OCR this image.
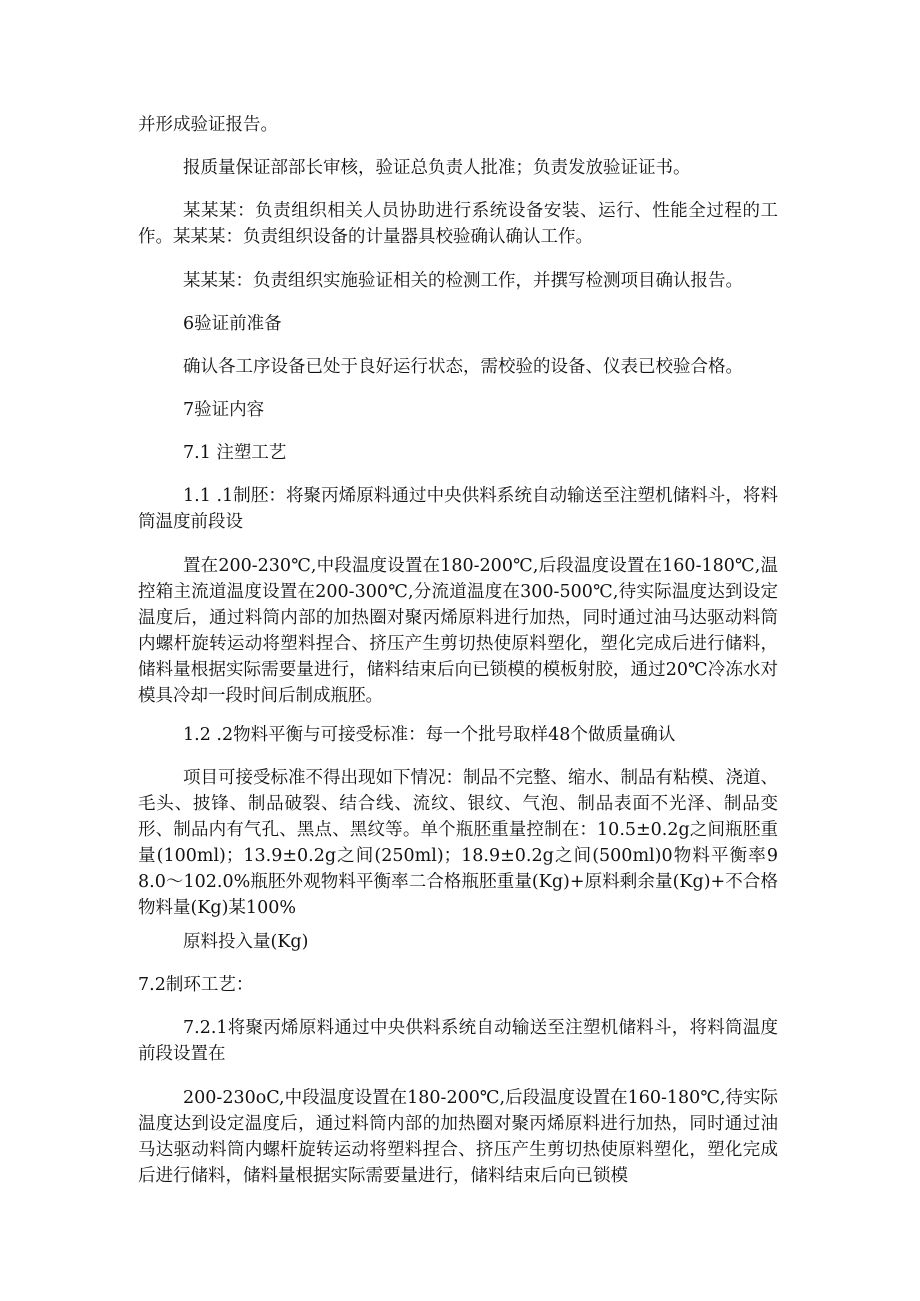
并形成验证报告。

报质量保证部部长审核，验证总负责人批准；负责发放验证证书。

某某某：负责组织相关人员协助进行系统设备安装、运行、性能全过程的工作。某某某：负责组织设备的计量器具校验确认确认工作。

某某某：负责组织实施验证相关的检测工作，并撰写检测项目确认报告。

6验证前准备

确认各工序设备已处于良好运行状态，需校验的设备、仪表已校验合格。

7验证内容

7.1 注塑工艺

1.1 .1制胚：将聚丙烯原料通过中央供料系统自动输送至注塑机储料斗，将料筒温度前段设

置在200-230℃,中段温度设置在180-200℃,后段温度设置在160-180℃,温控箱主流道温度设置在200-300℃,分流道温度在300-500℃,待实际温度达到设定温度后，通过料筒内部的加热圈对聚丙烯原料进行加热，同时通过油马达驱动料筒内螺杆旋转运动将塑料捏合、挤压产生剪切热使原料塑化，塑化完成后进行储料，储料量根据实际需要量进行，储料结束后向已锁模的模板射胶，通过20℃冷冻水对模具冷却一段时间后制成瓶胚。

1.2 .2物料平衡与可接受标准：每一个批号取样48个做质量确认

项目可接受标准不得出现如下情况：制品不完整、缩水、制品有粘模、浇道、毛头、披锋、制品破裂、结合线、流纹、银纹、气泡、制品表面不光泽、制品变形、制品内有气孔、黑点、黑纹等。单个瓶胚重量控制在：10.5±0.2g之间瓶胚重量(100ml)；13.9±0.2g之间(250ml)；18.9±0.2g之间(500ml)0物料平衡率98.0～102.0%瓶胚外观物料平衡率二合格瓶胚重量(Kg)+原料剩余量(Kg)+不合格物料量(Kg)某100%

原料投入量(Kg)

7.2制环工艺：

7.2.1将聚丙烯原料通过中央供料系统自动输送至注塑机储料斗，将料筒温度前段设置在

200-230oC,中段温度设置在180-200℃,后段温度设置在160-180℃,待实际温度达到设定温度后，通过料筒内部的加热圈对聚丙烯原料进行加热，同时通过油马达驱动料筒内螺杆旋转运动将塑料捏合、挤压产生剪切热使原料塑化，塑化完成后进行储料，储料量根据实际需要量进行，储料结束后向已锁模
